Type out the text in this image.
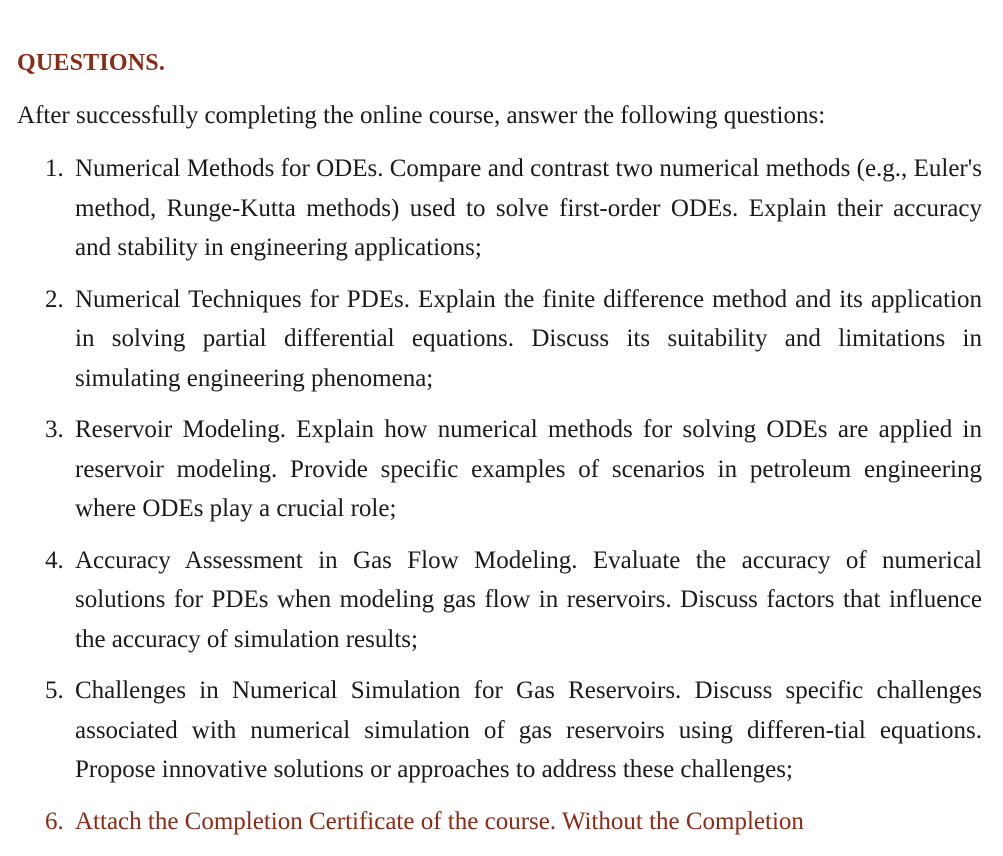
QUESTIONS.

After successfully completing the online course, answer the following questions:

1. Numerical Methods for ODEs. Compare and contrast two numerical methods (e.g., Euler's method, Runge-Kutta methods) used to solve first-order ODEs. Explain their accuracy and stability in engineering applications;
2. Numerical Techniques for PDEs. Explain the finite difference method and its application in solving partial differential equations. Discuss its suitability and limitations in simulating engineering phenomena;
3. Reservoir Modeling. Explain how numerical methods for solving ODEs are applied in reservoir modeling. Provide specific examples of scenarios in petroleum engineering where ODEs play a crucial role;
4. Accuracy Assessment in Gas Flow Modeling. Evaluate the accuracy of numerical solutions for PDEs when modeling gas flow in reservoirs. Discuss factors that influence the accuracy of simulation results;
5. Challenges in Numerical Simulation for Gas Reservoirs. Discuss specific challenges associated with numerical simulation of gas reservoirs using differen-tial equations. Propose innovative solutions or approaches to address these challenges;
6. Attach the Completion Certificate of the course. Without the Completion
